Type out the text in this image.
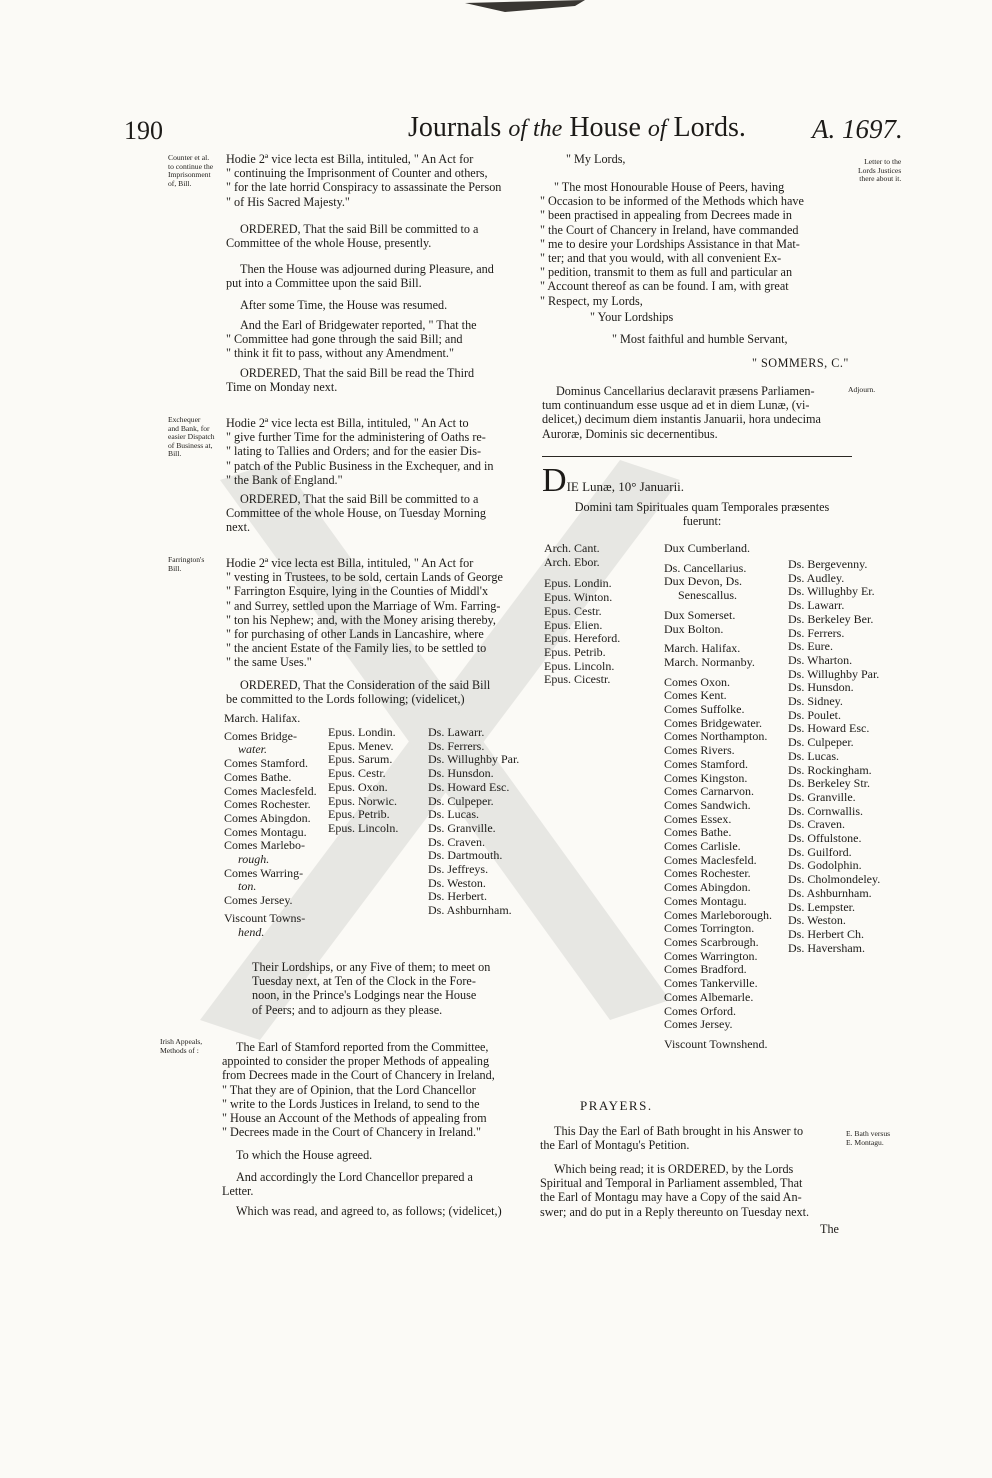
190	Journals of the House of Lords. A. 1697.
Counter et al.
to continue the
Imprisonment
of, Bill.
Hodie 2ª vice lecta est Billa, intituled, " An Act for
" continuing the Imprisonment of Counter and others,
" for the late horrid Conspiracy to assassinate the Person
" of His Sacred Majesty."
ORDERED, That the said Bill be committed to a
Committee of the whole House, presently.
Then the House was adjourned during Pleasure, and
put into a Committee upon the said Bill.
After some Time, the House was resumed.
And the Earl of Bridgewater reported, " That the
" Committee had gone through the said Bill; and
" think it fit to pass, without any Amendment."
ORDERED, That the said Bill be read the Third
Time on Monday next.
Exchequer
and Bank, for
easier Dispatch
of Business at,
Bill.
Hodie 2ª vice lecta est Billa, intituled, " An Act to
" give further Time for the administering of Oaths re-
" lating to Tallies and Orders; and for the easier Dis-
" patch of the Public Business in the Exchequer, and in
" the Bank of England."
ORDERED, That the said Bill be committed to a
Committee of the whole House, on Tuesday Morning
next.
Farrington's
Bill.	Hodie 2ª vice lecta est Billa, intituled, " An Act for
" vesting in Trustees, to be sold, certain Lands of George
" Farrington Esquire, lying in the Counties of Middl'x
" and Surrey, settled upon the Marriage of Wm. Farring-
" ton his Nephew; and, with the Money arising thereby,
" for purchasing of other Lands in Lancashire, where
" the ancient Estate of the Family lies, to be settled to
" the same Uses."
ORDERED, That the Consideration of the said Bill
be committed to the Lords following; (videlicet,)
March. Halifax.
Comes Bridge-
water.
Comes Stamford.
Comes Bathe.
Comes Maclesfeld.
Comes Rochester.
Comes Abingdon.
Comes Montagu.
Comes Marlebo-
rough.
Comes Warring-
ton.
Comes Jersey.
Viscount Towns-
hend.
Epus. Londin.
Epus. Menev.
Epus. Sarum.
Epus. Cestr.
Epus. Oxon.
Epus. Norwic.
Epus. Petrib.
Epus. Lincoln.
Ds. Lawarr.
Ds. Ferrers.
Ds. Willughby Par.
Ds. Hunsdon.
Ds. Howard Esc.
Ds. Culpeper.
Ds. Lucas.
Ds. Granville.
Ds. Craven.
Ds. Dartmouth.
Ds. Jeffreys.
Ds. Weston.
Ds. Herbert.
Ds. Ashburnham.
Their Lordships, or any Five of them; to meet on
Tuesday next, at Ten of the Clock in the Fore-
noon, in the Prince's Lodgings near the House
of Peers; and to adjourn as they please.
Irish Appeals,
Methods of :	The Earl of Stamford reported from the Committee,
appointed to consider the proper Methods of appealing
from Decrees made in the Court of Chancery in Ireland,
" That they are of Opinion, that the Lord Chancellor
" write to the Lords Justices in Ireland, to send to the
" House an Account of the Methods of appealing from
" Decrees made in the Court of Chancery in Ireland."
To which the House agreed.
And accordingly the Lord Chancellor prepared a
Letter.
Which was read, and agreed to, as follows; (videlicet,)
" My Lords,	Letter to the
Lords Justices
there about it.
" The most Honourable House of Peers, having
" Occasion to be informed of the Methods which have
" been practised in appealing from Decrees made in
" the Court of Chancery in Ireland, have commanded
" me to desire your Lordships Assistance in that Mat-
" ter; and that you would, with all convenient Ex-
" pedition, transmit to them as full and particular an
" Account thereof as can be found. I am, with great
" Respect, my Lords,
" Your Lordships
" Most faithful and humble Servant,
" SOMMERS, C."
Dominus Cancellarius declaravit præsens Parliamen-
tum continuandum esse usque ad et in diem Lunæ, (vi-
delicet,) decimum diem instantis Januarii, hora undecima
Auroræ, Dominis sic decernentibus.
Adjourn.
DIE Lunæ, 10° Januarii.
Domini tam Spirituales quam Temporales præsentes
fuerunt:
Arch. Cant.
Arch. Ebor.
Epus. Londin.
Epus. Winton.
Epus. Cestr.
Epus. Elien.
Epus. Hereford.
Epus. Petrib.
Epus. Lincoln.
Epus. Cicestr.
Dux Cumberland.
Ds. Cancellarius.
Dux Devon, Ds.
Senescallus.
Dux Somerset.
Dux Bolton.
March. Halifax.
March. Normanby.
Comes Oxon.
Comes Kent.
Comes Suffolke.
Comes Bridgewater.
Comes Northampton.
Comes Rivers.
Comes Stamford.
Comes Kingston.
Comes Carnarvon.
Comes Sandwich.
Comes Essex.
Comes Bathe.
Comes Carlisle.
Comes Maclesfeld.
Comes Rochester.
Comes Abingdon.
Comes Montagu.
Comes Marleborough.
Comes Torrington.
Comes Scarbrough.
Comes Warrington.
Comes Bradford.
Comes Tankerville.
Comes Albemarle.
Comes Orford.
Comes Jersey.
Viscount Townshend.
Ds. Bergevenny.
Ds. Audley.
Ds. Willughby Er.
Ds. Lawarr.
Ds. Berkeley Ber.
Ds. Ferrers.
Ds. Eure.
Ds. Wharton.
Ds. Willughby Par.
Ds. Hunsdon.
Ds. Sidney.
Ds. Poulet.
Ds. Howard Esc.
Ds. Culpeper.
Ds. Lucas.
Ds. Rockingham.
Ds. Berkeley Str.
Ds. Granville.
Ds. Cornwallis.
Ds. Craven.
Ds. Offulstone.
Ds. Guilford.
Ds. Godolphin.
Ds. Cholmondeley.
Ds. Ashburnham.
Ds. Lempster.
Ds. Weston.
Ds. Herbert Ch.
Ds. Haversham.
PRAYERS.
This Day the Earl of Bath brought in his Answer to
the Earl of Montagu's Petition.
E. Bath versus
E. Montagu.
Which being read; it is ORDERED, by the Lords
Spiritual and Temporal in Parliament assembled, That
the Earl of Montagu may have a Copy of the said An-
swer; and do put in a Reply thereunto on Tuesday next.
The
